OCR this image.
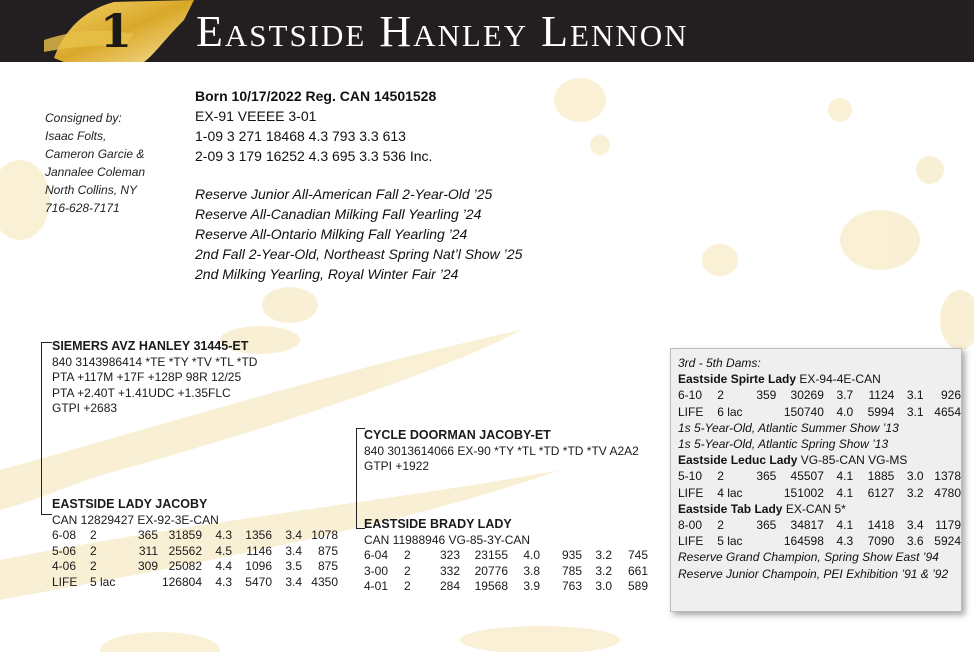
1	Eastside Hanley Lennon
Consigned by:
Isaac Folts,
Cameron Garcie &
Jannalee Coleman
North Collins, NY
716-628-7171
Born 10/17/2022 Reg. CAN 14501528
EX-91 VEEEE 3-01
1-09 3 271 18468 4.3 793 3.3 613
2-09 3 179 16252 4.3 695 3.3 536 Inc.
Reserve Junior All-American Fall 2-Year-Old ’25
Reserve All-Canadian Milking Fall Yearling ’24
Reserve All-Ontario Milking Fall Yearling ’24
2nd Fall 2-Year-Old, Northeast Spring Nat’l Show ’25
2nd Milking Yearling, Royal Winter Fair ’24
SIEMERS AVZ HANLEY 31445-ET
840 3143986414 *TE *TY *TV *TL *TD
PTA +117M +17F +128P 98R 12/25
PTA +2.40T +1.41UDC +1.35FLC
GTPI +2683
EASTSIDE LADY JACOBY
CAN 12829427 EX-92-3E-CAN
6-08	2	365	31859	4.3	1356	3.4	1078
5-06	2	311	25562	4.5	1146	3.4	875
4-06	2	309	25082	4.4	1096	3.5	875
LIFE	5 lac		126804	4.3	5470	3.4	4350
CYCLE DOORMAN JACOBY-ET
840 3013614066 EX-90 *TY *TL *TD *TD *TV A2A2
GTPI +1922
EASTSIDE BRADY LADY
CAN 11988946 VG-85-3Y-CAN
6-04	2	323	23155	4.0	935	3.2	745
3-00	2	332	20776	3.8	785	3.2	661
4-01	2	284	19568	3.9	763	3.0	589
3rd - 5th Dams:
Eastside Spirte Lady EX-94-4E-CAN
6-10	2	359	30269	3.7	1124	3.1	926
LIFE	6 lac		150740	4.0	5994	3.1	4654
1s 5-Year-Old, Atlantic Summer Show ’13
1s 5-Year-Old, Atlantic Spring Show ’13
Eastside Leduc Lady VG-85-CAN VG-MS
5-10	2	365	45507	4.1	1885	3.0	1378
LIFE	4 lac		151002	4.1	6127	3.2	4780
Eastside Tab Lady EX-CAN 5*
8-00	2	365	34817	4.1	1418	3.4	1179
LIFE	5 lac		164598	4.3	7090	3.6	5924
Reserve Grand Champion, Spring Show East ’94
Reserve Junior Champoin, PEI Exhibition ’91 & ’92
